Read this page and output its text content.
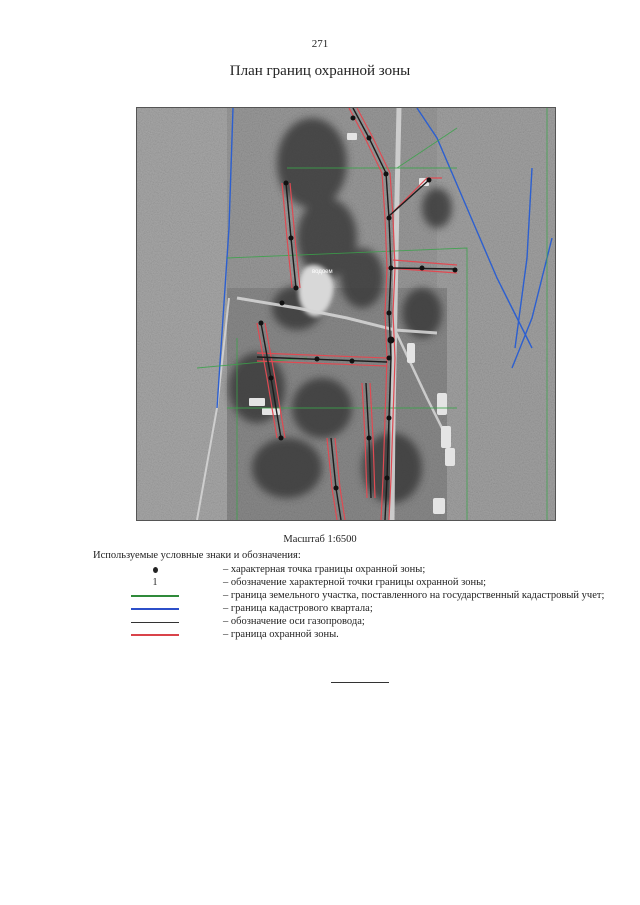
271
План границ охранной зоны
водоем
Масштаб 1:6500
Используемые условные знаки и обозначения:
– характерная точка границы охранной зоны;
1	– обозначение характерной точки границы охранной зоны;
– граница земельного участка, поставленного на государственный кадастровый учет;
– граница кадастрового квартала;
– обозначение оси газопровода;
– граница охранной зоны.
